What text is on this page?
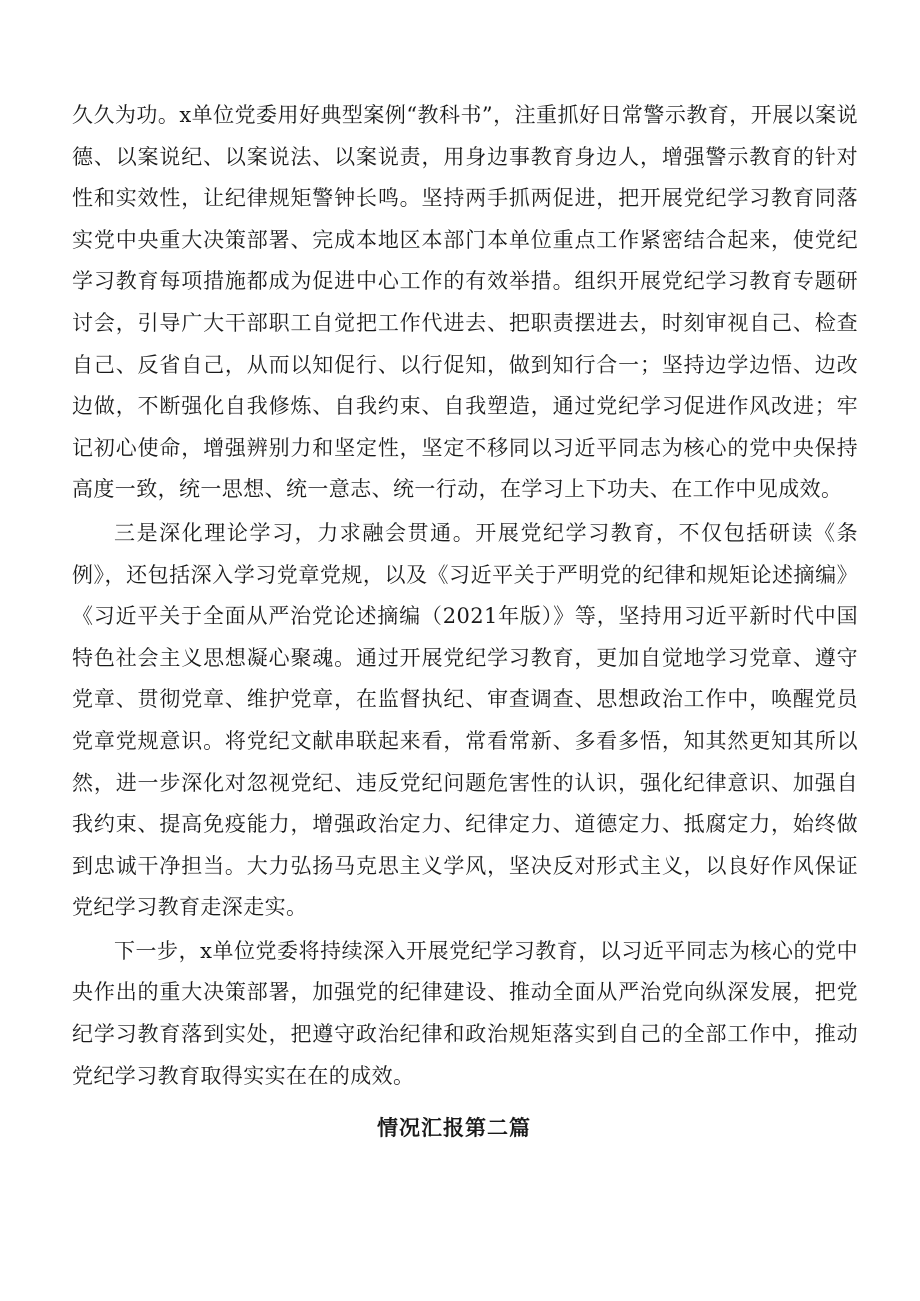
久久为功。x单位党委用好典型案例“教科书”，注重抓好日常警示教育，开展以案说德、以案说纪、以案说法、以案说责，用身边事教育身边人，增强警示教育的针对性和实效性，让纪律规矩警钟长鸣。坚持两手抓两促进，把开展党纪学习教育同落实党中央重大决策部署、完成本地区本部门本单位重点工作紧密结合起来，使党纪学习教育每项措施都成为促进中心工作的有效举措。组织开展党纪学习教育专题研讨会，引导广大干部职工自觉把工作代进去、把职责摆进去，时刻审视自己、检查自己、反省自己，从而以知促行、以行促知，做到知行合一；坚持边学边悟、边改边做，不断强化自我修炼、自我约束、自我塑造，通过党纪学习促进作风改进；牢记初心使命，增强辨别力和坚定性，坚定不移同以习近平同志为核心的党中央保持高度一致，统一思想、统一意志、统一行动，在学习上下功夫、在工作中见成效。

三是深化理论学习，力求融会贯通。开展党纪学习教育，不仅包括研读《条例》，还包括深入学习党章党规，以及《习近平关于严明党的纪律和规矩论述摘编》《习近平关于全面从严治党论述摘编（2021年版）》等，坚持用习近平新时代中国特色社会主义思想凝心聚魂。通过开展党纪学习教育，更加自觉地学习党章、遵守党章、贯彻党章、维护党章，在监督执纪、审查调查、思想政治工作中，唤醒党员党章党规意识。将党纪文献串联起来看，常看常新、多看多悟，知其然更知其所以然，进一步深化对忽视党纪、违反党纪问题危害性的认识，强化纪律意识、加强自我约束、提高免疫能力，增强政治定力、纪律定力、道德定力、抵腐定力，始终做到忠诚干净担当。大力弘扬马克思主义学风，坚决反对形式主义，以良好作风保证党纪学习教育走深走实。

下一步，x单位党委将持续深入开展党纪学习教育，以习近平同志为核心的党中央作出的重大决策部署，加强党的纪律建设、推动全面从严治党向纵深发展，把党纪学习教育落到实处，把遵守政治纪律和政治规矩落实到自己的全部工作中，推动党纪学习教育取得实实在在的成效。

情况汇报第二篇
